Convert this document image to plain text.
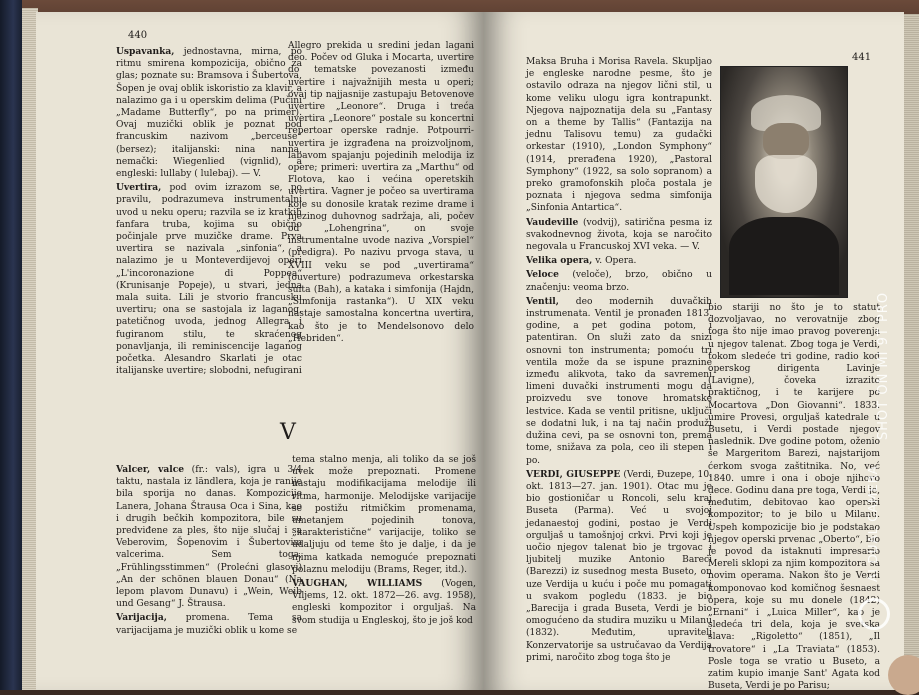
440

Uspavanka, jednostavna, mirna, po ritmu smirena kompozicija, obično za glas; poznate su: Bramsova i Šubertova, Šopen je ovaj oblik iskoristio za klavir, a nalazimo ga i u operskim delima (Pučini „Madame Butterfly“, po na primer). Ovaj muzički oblik je poznat pod francuskim nazivom „berceuse“ (bersez); italijanski: nina nanna, nemački: Wiegenlied (vignlid), a engleski: lullaby ( lulebaj). — V.

Uvertira, pod ovim izrazom se, po pravilu, podrazumeva instrumentalni uvod u neku operu; razvila se iz kratkih fanfara truba, kojima su obično počinjale prve muzičke drame. Prva uvertira se nazivala „sinfonia“, a nalazimo je u Monteverdijevoj operi „L'incoronazione di Poppea“ (Krunisanje Popeje), u stvari, jedna mala suita. Lili je stvorio francusku uvertiru; ona se sastojala iz laganog, patetičnog uvoda, jednog Allegra i fugiranom stilu, te skraćenog ponavljanja, ili reminiscencije laganog početka. Alesandro Skarlati je otac italijanske uvertire; slobodni, nefugirani

Allegro prekida u sredini jedan lagani deo. Počev od Gluka i Mocarta, uvertire do tematske povezanosti između uvertire i najvažnijih mesta u operi; ovaj tip najjasnije zastupaju Betovenove uvertire „Leonore“. Druga i treća uvertira „Leonore“ postale su koncertni repertoar operske radnje. Potpourri-uvertira je izgrađena na proizvoljnom, labavom spajanju pojedinih melodija iz opere; primeri: uvertira za „Marthu“ od Flotova, kao i većina operetskih uvertira. Vagner je počeo sa uvertirama koje su donosile kratak rezime drame i njezinog duhovnog sadržaja, ali, počev od „Lohengrina“, on svoje instrumentalne uvode naziva „Vorspiel“ (predigra). Po nazivu prvoga stava, u XVIII veku se pod „uvertirama“ (ouverture) podrazumeva orkestarska suita (Bah), a kataka i simfonija (Hajdn, „Simfonija rastanka“). U XIX veku nastaje samostalna koncertna uvertira, kao što je to Mendelsonovo delo „Hebriden“.

V

Valcer, valce (fr.: vals), igra u 3/4 taktu, nastala iz ländlera, koja je ranije bila sporija no danas. Kompozicije Lanera, Johana Štrausa Oca i Sina, kao i drugih bečkih kompozitora, bile su predviđene za ples, što nije slučaj i sa Veberovim, Šopenovim i Šubertovim valcerima. Sem toga, „Frühlingsstimmen“ (Prolećni glasovi) „An der schönen blauen Donau“ (Na lepom plavom Dunavu) i „Wein, Weib und Gesang“ J. Štrausa.

Varijacija, promena. Tema sa varijacijama je muzički oblik u kome se

tema stalno menja, ali toliko da se još uvek može prepoznati. Promene nastaju modifikacijama melodije ili ritma, harmonije. Melodijske varijacije se postižu ritmičkim promenama, umetanjem pojedinih tonova, „karakteristične“ varijacije, toliko se udaljuju od teme što je dalje, i da je njima katkada nemoguće prepoznati polaznu melodiju (Brams, Reger, itd.).

VAUGHAN, WILLIAMS (Vogen, Viljems, 12. okt. 1872—26. avg. 1958), engleski kompozitor i orguljaš. Na svom studija u Engleskoj, što je još kod

441

Maksa Bruha i Morisa Ravela. Skupljao je engleske narodne pesme, što je ostavilo odraza na njegov lični stil, u kome veliku ulogu igra kontrapunkt. Njegova najpoznatija dela su „Fantasy on a theme by Tallis“ (Fantazija na jednu Talisovu temu) za gudački orkestar (1910), „London Symphony“ (1914, prerađena 1920), „Pastoral Symphony“ (1922, sa solo sopranom) a preko gramofonskih ploča postala je poznata i njegova sedma simfonija „Sinfonia Antartica“.

Vaudeville (vodvij), satirična pesma iz svakodnevnog života, koja se naročito negovala u Francuskoj XVI veka. — V.

Velika opera, v. Opera.

Veloce (veloče), brzo, obično u značenju: veoma brzo.

Ventil, deo modernih duvačkih instrumenata. Ventil je pronađen 1813. godine, a pet godina potom, i patentiran. On služi zato da snizi osnovni ton instrumenta; pomoću tri ventila može da se ispune praznine između alikvota, tako da savremeni limeni duvački instrumenti mogu da proizvedu sve tonove hromatske lestvice. Kada se ventil pritisne, uključi se dodatni luk, i na taj način produži dužina cevi, pa se osnovni ton, prema tome, snižava za pola, ceo ili stepen i po.

VERDI, GIUSEPPE (Verdi, Đuzepe, 10. okt. 1813—27. jan. 1901). Otac mu je bio gostioničar u Roncoli, selu kraj Buseta (Parma). Već u svojoj jedanaestoj godini, postao je Verdi orguljaš u tamošnjoj crkvi. Prvi koji je uočio njegov talenat bio je trgovac i ljubitelj muzike Antonio Bareci (Barezzi) iz susednog mesta Buseto, on uze Verdija u kuću i poče mu pomagati u svakom pogledu (1833. je bio „Barecija i grada Buseta, Verdi je bio omogućeno da studira muziku u Milanu (1832). Međutim, upravitelj Konzervatorije sa ustručavao da Verdija primi, naročito zbog toga što je

bio stariji no što je to statut dozvoljavao, no verovatnije zbog toga što nije imao pravog poverenja u njegov talenat. Zbog toga je Verdi, tokom sledeće tri godine, radio kod operskog dirigenta Lavinje (Lavigne), čoveka izrazito praktičnog, i te karijere po Mocartova „Don Giovanni“. 1833. umire Provesi, orguljaš katedrale u Busetu, i Verdi postade njegov naslednik. Dve godine potom, oženio se Margeritom Barezi, najstarijom ćerkom svoga zaštitnika. No, već 1840. umre i ona i oboje njihovo dece. Godinu dana pre toga, Verdi je, međutim, debitovao kao operski kompozitor; to je bilo u Milanu. Uspeh kompozicije bio je podstakao njegov operski prvenac „Oberto“, bio je povod da istaknuti impresario Mereli sklopi za njim kompozitora sa novim operama. Nakon što je Verdi komponovao kod komičnog šesnaest opera, koje su mu donele (1842) „Ernani“ i „Luica Miller“, kao je sledeća tri dela, koja je svetska slava: „Rigoletto“ (1851), „Il trovatore“ i „La Traviata“ (1853). Posle toga se vratio u Buseto, a zatim kupio imanje Sant' Agata kod Buseta, Verdi je po Parisu;

SHOT ON MI 9T PRO
AI DUAL CAMERA
